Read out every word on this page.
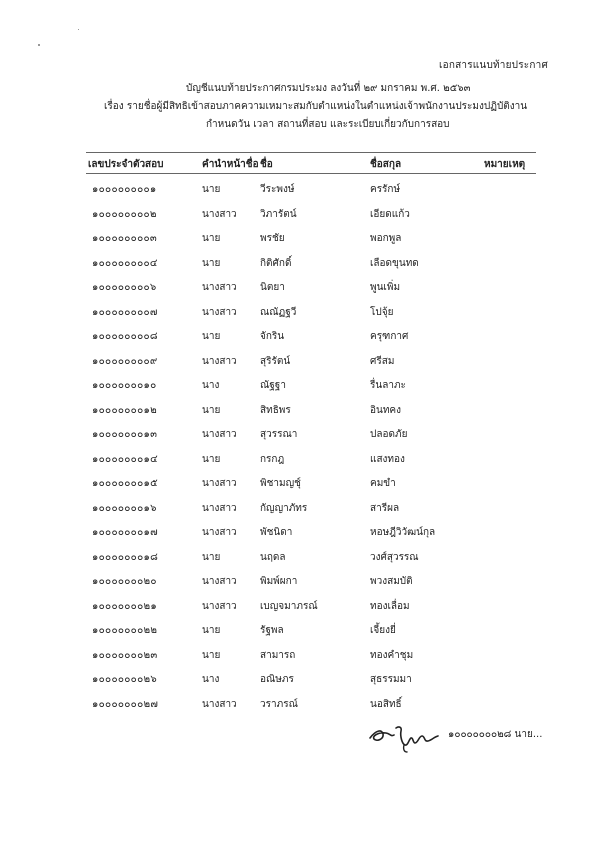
เอกสารแนบท้ายประกาศ
บัญชีแนบท้ายประกาศกรมประมง ลงวันที่ ๒๙ มกราคม พ.ศ. ๒๕๖๓
เรื่อง รายชื่อผู้มีสิทธิเข้าสอบภาคความเหมาะสมกับตำแหน่งในตำแหน่งเจ้าพนักงานประมงปฏิบัติงาน
กำหนดวัน เวลา สถานที่สอบ และระเบียบเกี่ยวกับการสอบ
เลขประจำตัวสอบ	คำนำหน้าชื่อ ชื่อ	ชื่อสกุล	หมายเหตุ
๑๐๐๐๐๐๐๐๐๑	นาย	วีระพงษ์	ครรักษ์
๑๐๐๐๐๐๐๐๐๒	นางสาว วิภารัตน์	เอียดแก้ว
๑๐๐๐๐๐๐๐๐๓	นาย	พรชัย	พอกพูล
๑๐๐๐๐๐๐๐๐๔	นาย	กิติศักดิ์	เลือดขุนทด
๑๐๐๐๐๐๐๐๐๖	นางสาว นิตยา	พูนเพิ่ม
๑๐๐๐๐๐๐๐๐๗	นางสาว ณณัฏฐวี	โปจุ้ย
๑๐๐๐๐๐๐๐๐๘	นาย	จักริน	ครุฑกาศ
๑๐๐๐๐๐๐๐๐๙	นางสาว สุริรัตน์	ศรีสม
๑๐๐๐๐๐๐๐๑๐	นาง	ณัฐฐา	รื่นลาภะ
๑๐๐๐๐๐๐๐๑๒	นาย	สิทธิพร	อินทคง
๑๐๐๐๐๐๐๐๑๓	นางสาว สุวรรณา	ปลอดภัย
๑๐๐๐๐๐๐๐๑๔	นาย	กรกฎ	แสงทอง
๑๐๐๐๐๐๐๐๑๕	นางสาว พิชามญชุ์	คมขำ
๑๐๐๐๐๐๐๐๑๖	นางสาว กัญญาภัทร	สารีผล
๑๐๐๐๐๐๐๐๑๗	นางสาว พัชนิดา	หอษฎีวิวัฒน์กุล
๑๐๐๐๐๐๐๐๑๘	นาย	นฤดล	วงศ์สุวรรณ
๑๐๐๐๐๐๐๐๒๐	นางสาว พิมพ์ผกา	พวงสมบัติ
๑๐๐๐๐๐๐๐๒๑	นางสาว เบญจมาภรณ์	ทองเลื่อม
๑๐๐๐๐๐๐๐๒๒	นาย	รัฐพล	เจี้ยงยี่
๑๐๐๐๐๐๐๐๒๓	นาย	สามารถ	ทองคำชุม
๑๐๐๐๐๐๐๐๒๖	นาง	อณิษภร	สุธรรมมา
๑๐๐๐๐๐๐๐๒๗	นางสาว วราภรณ์	นอสิทธิ์
๑๐๐๐๐๐๐๐๒๘ นาย...
